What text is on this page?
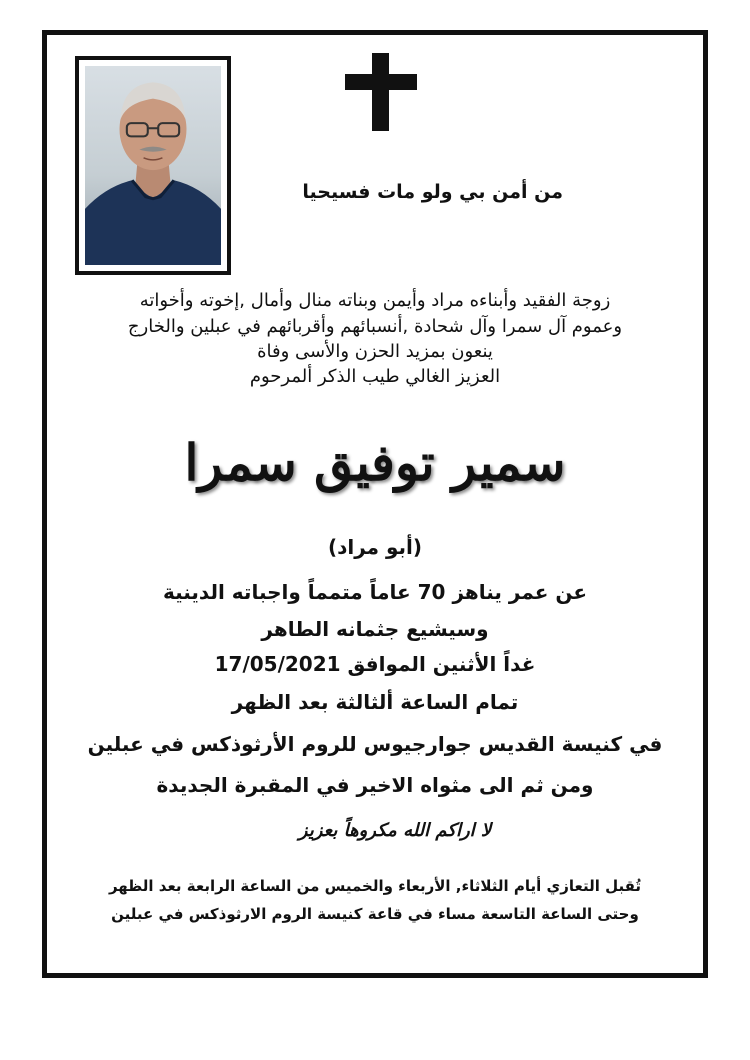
من أمن بي ولو مات فسيحيا
زوجة الفقيد وأبناءه مراد وأيمن وبناته منال وأمال ,إخوته وأخواته
وعموم آل سمرا وآل شحادة ,أنسبائهم وأقربائهم في عبلين والخارج
ينعون بمزيد الحزن والأسى وفاة
العزيز الغالي طيب الذكر ألمرحوم
سمير توفيق سمرا
(أبو مراد)
عن عمر يناهز 70 عاماً متمماً واجباته الدينية
وسيشيع جثمانه الطاهر
غداً الأثنين الموافق 17/05/2021
تمام الساعة ألثالثة بعد الظهر
في كنيسة القديس جوارجيوس للروم الأرثوذكس في عبلين
ومن ثم الى مثواه الاخير في المقبرة الجديدة
لا اراكم الله مكروهاً بعزيز
تُقبل التعازي أيام الثلاثاء, الأربعاء والخميس من الساعة الرابعة بعد الظهر
وحتى الساعة التاسعة مساء في قاعة كنيسة الروم الارثوذكس في عبلين
